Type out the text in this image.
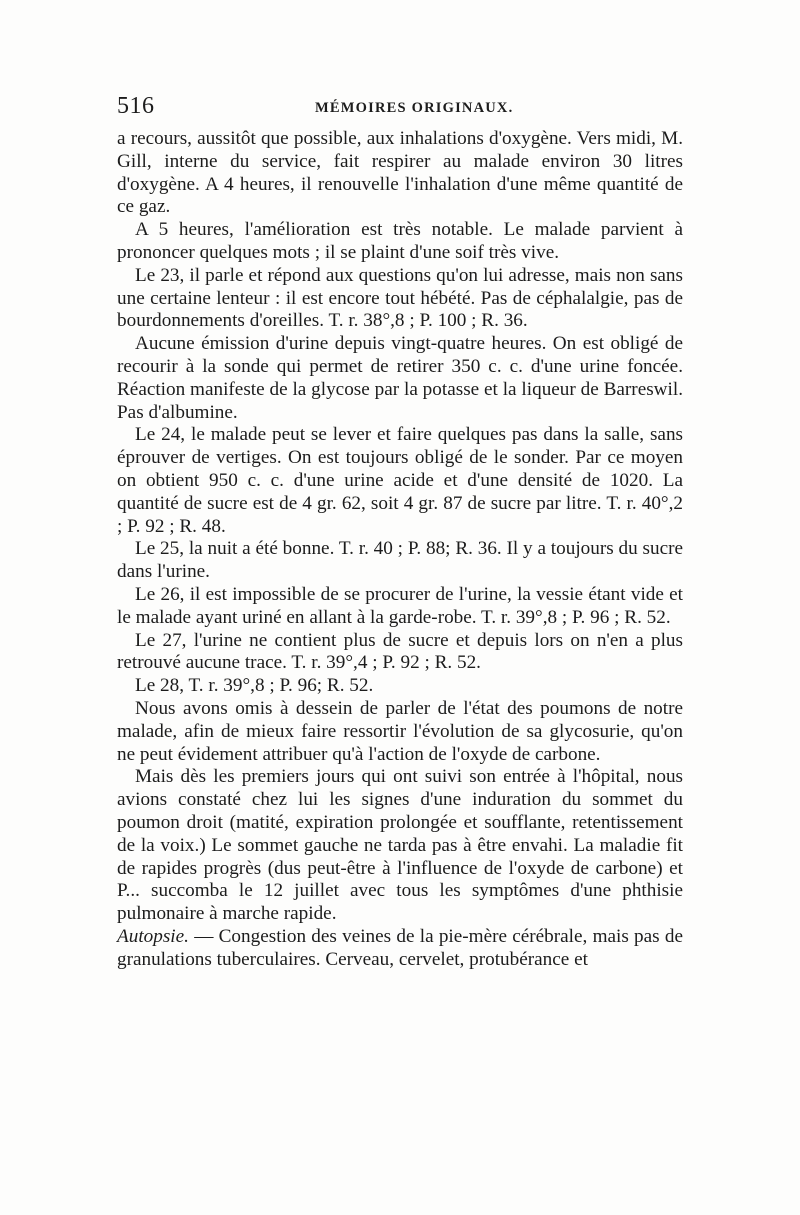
516	MÉMOIRES ORIGINAUX.

a recours, aussitôt que possible, aux inhalations d'oxygène. Vers midi, M. Gill, interne du service, fait respirer au malade environ 30 litres d'oxygène. A 4 heures, il renouvelle l'inhalation d'une même quantité de ce gaz.

A 5 heures, l'amélioration est très notable. Le malade parvient à prononcer quelques mots ; il se plaint d'une soif très vive.

Le 23, il parle et répond aux questions qu'on lui adresse, mais non sans une certaine lenteur : il est encore tout hébété. Pas de céphalalgie, pas de bourdonnements d'oreilles. T. r. 38°,8 ; P. 100 ; R. 36.

Aucune émission d'urine depuis vingt-quatre heures. On est obligé de recourir à la sonde qui permet de retirer 350 c. c. d'une urine foncée. Réaction manifeste de la glycose par la potasse et la liqueur de Barreswil. Pas d'albumine.

Le 24, le malade peut se lever et faire quelques pas dans la salle, sans éprouver de vertiges. On est toujours obligé de le sonder. Par ce moyen on obtient 950 c. c. d'une urine acide et d'une densité de 1020. La quantité de sucre est de 4 gr. 62, soit 4 gr. 87 de sucre par litre. T. r. 40°,2 ; P. 92 ; R. 48.

Le 25, la nuit a été bonne. T. r. 40 ; P. 88; R. 36. Il y a toujours du sucre dans l'urine.

Le 26, il est impossible de se procurer de l'urine, la vessie étant vide et le malade ayant uriné en allant à la garde-robe. T. r. 39°,8 ; P. 96 ; R. 52.

Le 27, l'urine ne contient plus de sucre et depuis lors on n'en a plus retrouvé aucune trace. T. r. 39°,4 ; P. 92 ; R. 52.

Le 28, T. r. 39°,8 ; P. 96; R. 52.

Nous avons omis à dessein de parler de l'état des poumons de notre malade, afin de mieux faire ressortir l'évolution de sa glycosurie, qu'on ne peut évidement attribuer qu'à l'action de l'oxyde de carbone.

Mais dès les premiers jours qui ont suivi son entrée à l'hôpital, nous avions constaté chez lui les signes d'une induration du sommet du poumon droit (matité, expiration prolongée et soufflante, retentissement de la voix.) Le sommet gauche ne tarda pas à être envahi. La maladie fit de rapides progrès (dus peut-être à l'influence de l'oxyde de carbone) et P... succomba le 12 juillet avec tous les symptômes d'une phthisie pulmonaire à marche rapide.

Autopsie. — Congestion des veines de la pie-mère cérébrale, mais pas de granulations tuberculaires. Cerveau, cervelet, protubérance et
